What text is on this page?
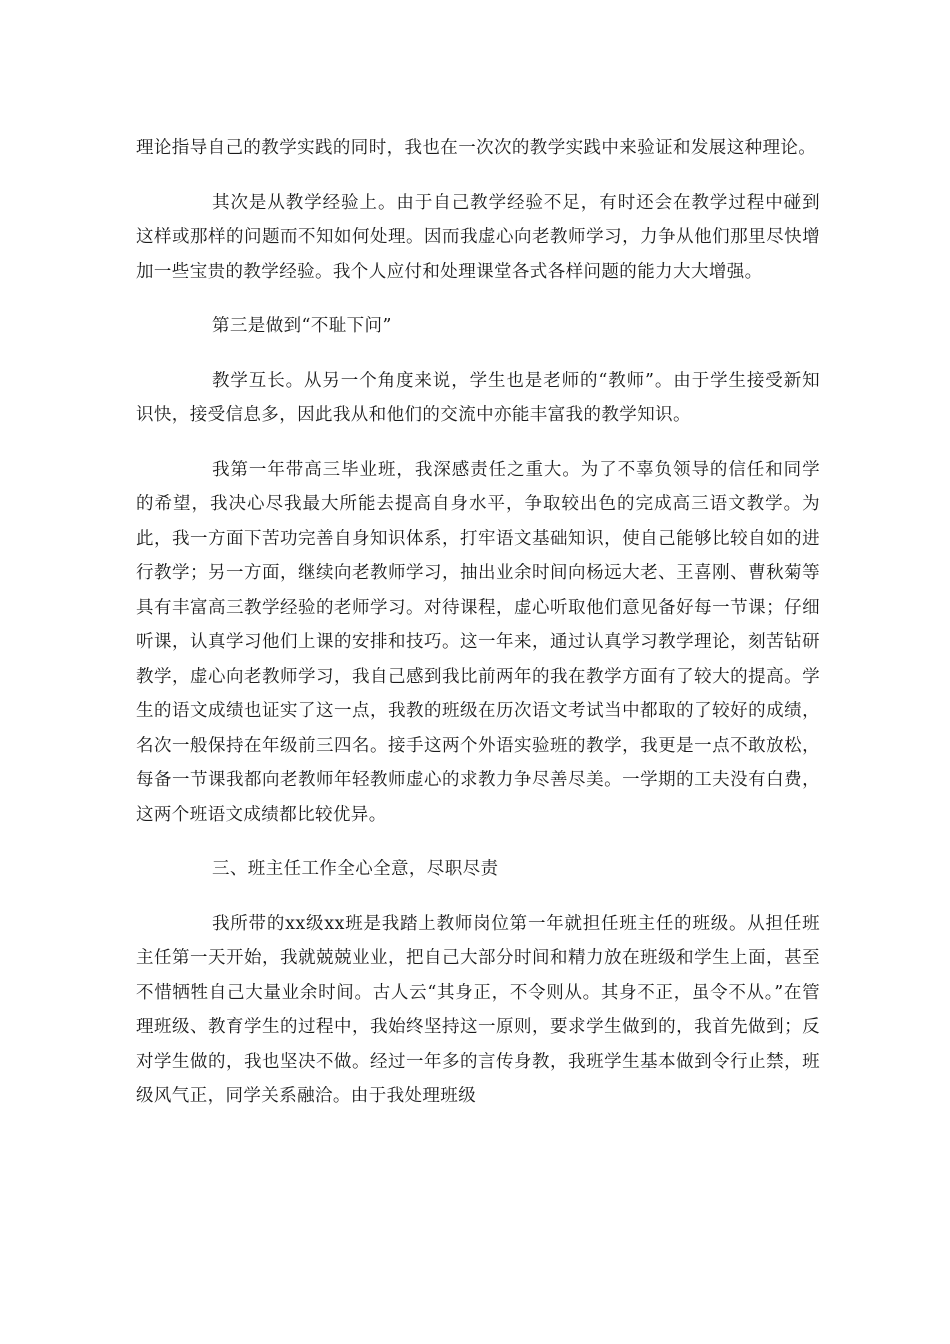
理论指导自己的教学实践的同时，我也在一次次的教学实践中来验证和发展这种理论。

其次是从教学经验上。由于自己教学经验不足，有时还会在教学过程中碰到这样或那样的问题而不知如何处理。因而我虚心向老教师学习，力争从他们那里尽快增加一些宝贵的教学经验。我个人应付和处理课堂各式各样问题的能力大大增强。

第三是做到“不耻下问”

教学互长。从另一个角度来说，学生也是老师的“教师”。由于学生接受新知识快，接受信息多，因此我从和他们的交流中亦能丰富我的教学知识。

我第一年带高三毕业班，我深感责任之重大。为了不辜负领导的信任和同学的希望，我决心尽我最大所能去提高自身水平，争取较出色的完成高三语文教学。为此，我一方面下苦功完善自身知识体系，打牢语文基础知识，使自己能够比较自如的进行教学；另一方面，继续向老教师学习，抽出业余时间向杨远大老、王喜刚、曹秋菊等具有丰富高三教学经验的老师学习。对待课程，虚心听取他们意见备好每一节课；仔细听课，认真学习他们上课的安排和技巧。这一年来，通过认真学习教学理论，刻苦钻研教学，虚心向老教师学习，我自己感到我比前两年的我在教学方面有了较大的提高。学生的语文成绩也证实了这一点，我教的班级在历次语文考试当中都取的了较好的成绩，名次一般保持在年级前三四名。接手这两个外语实验班的教学，我更是一点不敢放松，每备一节课我都向老教师年轻教师虚心的求教力争尽善尽美。一学期的工夫没有白费，这两个班语文成绩都比较优异。

三、班主任工作全心全意，尽职尽责

我所带的xx级xx班是我踏上教师岗位第一年就担任班主任的班级。从担任班主任第一天开始，我就兢兢业业，把自己大部分时间和精力放在班级和学生上面，甚至不惜牺牲自己大量业余时间。古人云“其身正，不令则从。其身不正，虽令不从。”在管理班级、教育学生的过程中，我始终坚持这一原则，要求学生做到的，我首先做到；反对学生做的，我也坚决不做。经过一年多的言传身教，我班学生基本做到令行止禁，班级风气正，同学关系融洽。由于我处理班级
